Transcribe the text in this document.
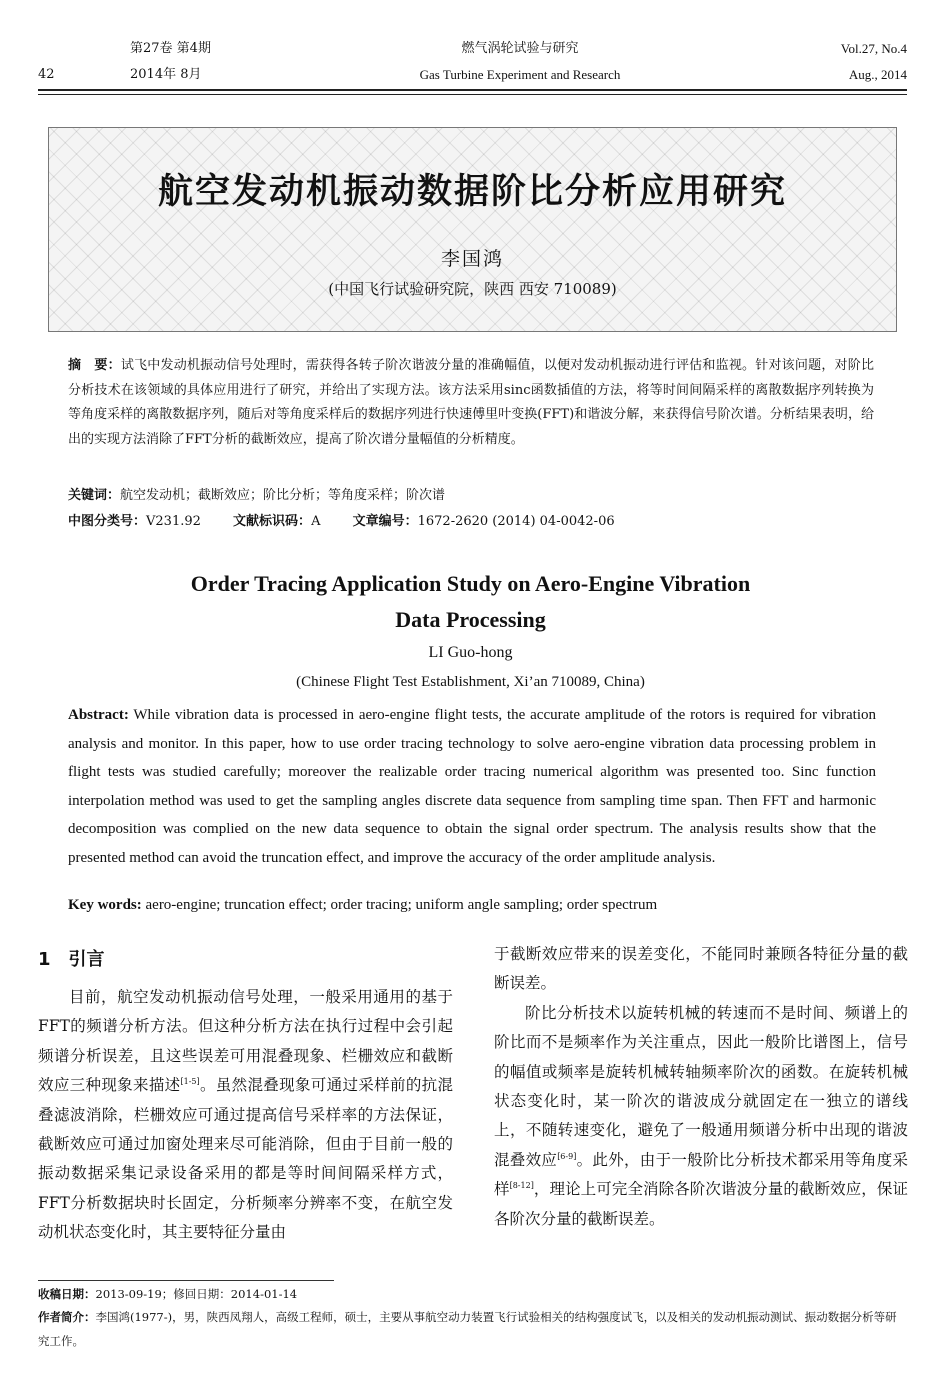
第27卷 第4期
2014年 8月
42
燃气涡轮试验与研究
Gas Turbine Experiment and Research
Vol.27, No.4
Aug., 2014
航空发动机振动数据阶比分析应用研究
李国鸿
(中国飞行试验研究院，陕西 西安 710089)
摘　要：试飞中发动机振动信号处理时，需获得各转子阶次谐波分量的准确幅值，以便对发动机振动进行评估和监视。针对该问题，对阶比分析技术在该领域的具体应用进行了研究，并给出了实现方法。该方法采用sinc函数插值的方法，将等时间间隔采样的离散数据序列转换为等角度采样的离散数据序列，随后对等角度采样后的数据序列进行快速傅里叶变换(FFT)和谐波分解，来获得信号阶次谱。分析结果表明，给出的实现方法消除了FFT分析的截断效应，提高了阶次谱分量幅值的分析精度。
关键词：航空发动机；截断效应；阶比分析；等角度采样；阶次谱
中图分类号：V231.92 文献标识码：A 文章编号：1672-2620 (2014) 04-0042-06
Order Tracing Application Study on Aero-Engine Vibration
Data Processing
LI Guo-hong
(Chinese Flight Test Establishment, Xi’an 710089, China)
Abstract: While vibration data is processed in aero-engine flight tests, the accurate amplitude of the rotors is required for vibration analysis and monitor. In this paper, how to use order tracing technology to solve aero-engine vibration data processing problem in flight tests was studied carefully; moreover the realizable order tracing numerical algorithm was presented too. Sinc function interpolation method was used to get the sampling angles discrete data sequence from sampling time span. Then FFT and harmonic decomposition was complied on the new data sequence to obtain the signal order spectrum. The analysis results show that the presented method can avoid the truncation effect, and improve the accuracy of the order amplitude analysis.
Key words: aero-engine; truncation effect; order tracing; uniform angle sampling; order spectrum
1　引言

目前，航空发动机振动信号处理，一般采用通用的基于FFT的频谱分析方法。但这种分析方法在执行过程中会引起频谱分析误差，且这些误差可用混叠现象、栏栅效应和截断效应三种现象来描述[1-5]。虽然混叠现象可通过采样前的抗混叠滤波消除，栏栅效应可通过提高信号采样率的方法保证，截断效应可通过加窗处理来尽可能消除，但由于目前一般的振动数据采集记录设备采用的都是等时间间隔采样方式，FFT分析数据块时长固定，分析频率分辨率不变，在航空发动机状态变化时，其主要特征分量由

于截断效应带来的误差变化，不能同时兼顾各特征分量的截断误差。

阶比分析技术以旋转机械的转速而不是时间、频谱上的阶比而不是频率作为关注重点，因此一般阶比谱图上，信号的幅值或频率是旋转机械转轴频率阶次的函数。在旋转机械状态变化时，某一阶次的谐波成分就固定在一独立的谱线上，不随转速变化，避免了一般通用频谱分析中出现的谐波混叠效应[6-9]。此外，由于一般阶比分析技术都采用等角度采样[8-12]，理论上可完全消除各阶次谐波分量的截断效应，保证各阶次分量的截断误差。

收稿日期：2013-09-19；修回日期：2014-01-14
作者简介：李国鸿(1977-)，男，陕西凤翔人，高级工程师，硕士，主要从事航空动力装置飞行试验相关的结构强度试飞，以及相关的发动机振动测试、振动数据分析等研究工作。
